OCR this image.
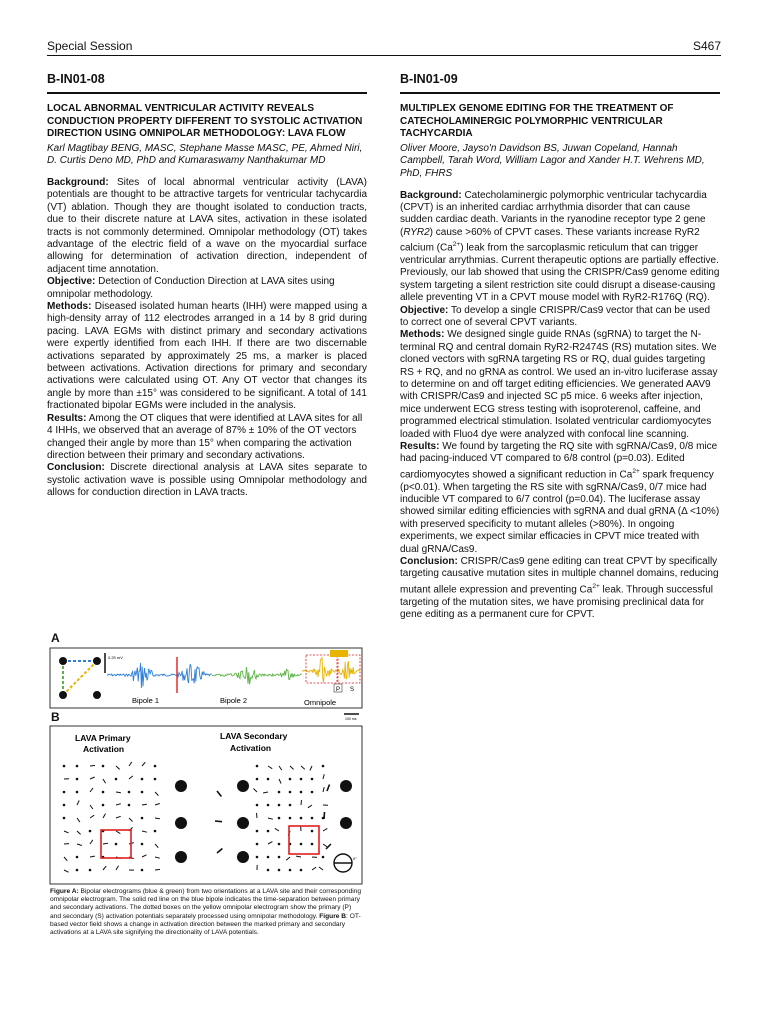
Special Session	S467
B-IN01-08
LOCAL ABNORMAL VENTRICULAR ACTIVITY REVEALS CONDUCTION PROPERTY DIFFERENT TO SYSTOLIC ACTIVATION DIRECTION USING OMNIPOLAR METHODOLOGY: LAVA FLOW
Karl Magtibay BENG, MASC, Stephane Masse MASC, PE, Ahmed Niri, D. Curtis Deno MD, PhD and Kumaraswamy Nanthakumar MD

Background: Sites of local abnormal ventricular activity (LAVA) potentials are thought to be attractive targets for ventricular tachycardia (VT) ablation. Though they are thought isolated to conduction tracts, due to their discrete nature at LAVA sites, activation in these isolated tracts is not commonly determined. Omnipolar methodology (OT) takes advantage of the electric field of a wave on the myocardial surface allowing for determination of activation direction, independent of adjacent time annotation.

Objective: Detection of Conduction Direction at LAVA sites using omnipolar methodology.

Methods: Diseased isolated human hearts (IHH) were mapped using a high-density array of 112 electrodes arranged in a 14 by 8 grid during pacing. LAVA EGMs with distinct primary and secondary activations were expertly identified from each IHH. If there are two discernable activations separated by approximately 25 ms, a marker is placed between activations. Activation directions for primary and secondary activations were calculated using OT. Any OT vector that changes its angle by more than ±15° was considered to be significant. A total of 141 fractionated bipolar EGMs were included in the analysis.

Results: Among the OT cliques that were identified at LAVA sites for all 4 IHHs, we observed that an average of 87% ± 10% of the OT vectors changed their angle by more than 15° when comparing the activation direction between their primary and secondary activations.

Conclusion: Discrete directional analysis at LAVA sites separate to systolic activation wave is possible using Omnipolar methodology and allows for conduction direction in LAVA tracts.

B-IN01-09
MULTIPLEX GENOME EDITING FOR THE TREATMENT OF CATECHOLAMINERGIC POLYMORPHIC VENTRICULAR TACHYCARDIA
Oliver Moore, Jayso'n Davidson BS, Juwan Copeland, Hannah Campbell, Tarah Word, William Lagor and Xander H.T. Wehrens MD, PhD, FHRS

Background: Catecholaminergic polymorphic ventricular tachycardia (CPVT) is an inherited cardiac arrhythmia disorder that can cause sudden cardiac death. Variants in the ryanodine receptor type 2 gene (RYR2) cause >60% of CPVT cases. These variants increase RyR2 calcium $(Ca^{2+})$ leak from the sarcoplasmic reticulum that can trigger ventricular arrythmias. Current therapeutic options are partially effective. Previously, our lab showed that using the CRISPR/Cas9 genome editing system targeting a silent restriction site could disrupt a disease-causing allele preventing VT in a CPVT mouse model with RyR2-R176Q (RQ).

Objective: To develop a single CRISPR/Cas9 vector that can be used to correct one of several CPVT variants.

Methods: We designed single guide RNAs (sgRNA) to target the N-terminal RQ and central domain RyR2-R2474S (RS) mutation sites. We cloned vectors with sgRNA targeting RS or RQ, dual guides targeting RS + RQ, and no gRNA as control. We used an in-vitro luciferase assay to determine on and off target editing efficiencies. We generated AAV9 with CRISPR/Cas9 and injected SC p5 mice. 6 weeks after injection, mice underwent ECG stress testing with isoproterenol, caffeine, and programmed electrical stimulation. Isolated ventricular cardiomyocytes loaded with Fluo4 dye were analyzed with confocal line scanning.

Results: We found by targeting the RQ site with sgRNA/Cas9, 0/8 mice had pacing-induced VT compared to 6/8 control (p=0.03). Edited cardiomyocytes showed a significant reduction in $Ca^{2+}$ spark frequency (p<0.01). When targeting the RS site with sgRNA/Cas9, 0/7 mice had inducible VT compared to 6/7 control (p=0.04). The luciferase assay showed similar editing efficiencies with sgRNA and dual gRNA (Δ <10%) with preserved specificity to mutant alleles (>80%). In ongoing experiments, we expect similar efficacies in CPVT mice treated with dual gRNA/Cas9.

Conclusion: CRISPR/Cas9 gene editing can treat CPVT by specifically targeting causative mutation sites in multiple channel domains, reducing mutant allele expression and preventing $Ca^{2+}$ leak. Through successful targeting of the mutation sites, we have promising preclinical data for gene editing as a permanent cure for CPVT.

A
0.25 mV
P S
Bipole 1	Bipole 2	Omnipole
100 ms
LAVA Primary
Activation
LAVA Secondary
Activation
0°
B
Figure A: Bipolar electrograms (blue & green) from two orientations at a LAVA site and their corresponding omnipolar electrogram. The solid red line on the blue bipole indicates the time-separation between primary and secondary activations. The dotted boxes on the yellow omnipolar electrogram show the primary (P) and secondary (S) activation potentials separately processed using omnipolar methodology. Figure B: OT-based vector field shows a change in activation direction between the marked primary and secondary activations at a LAVA site signifying the directionality of LAVA potentials.
